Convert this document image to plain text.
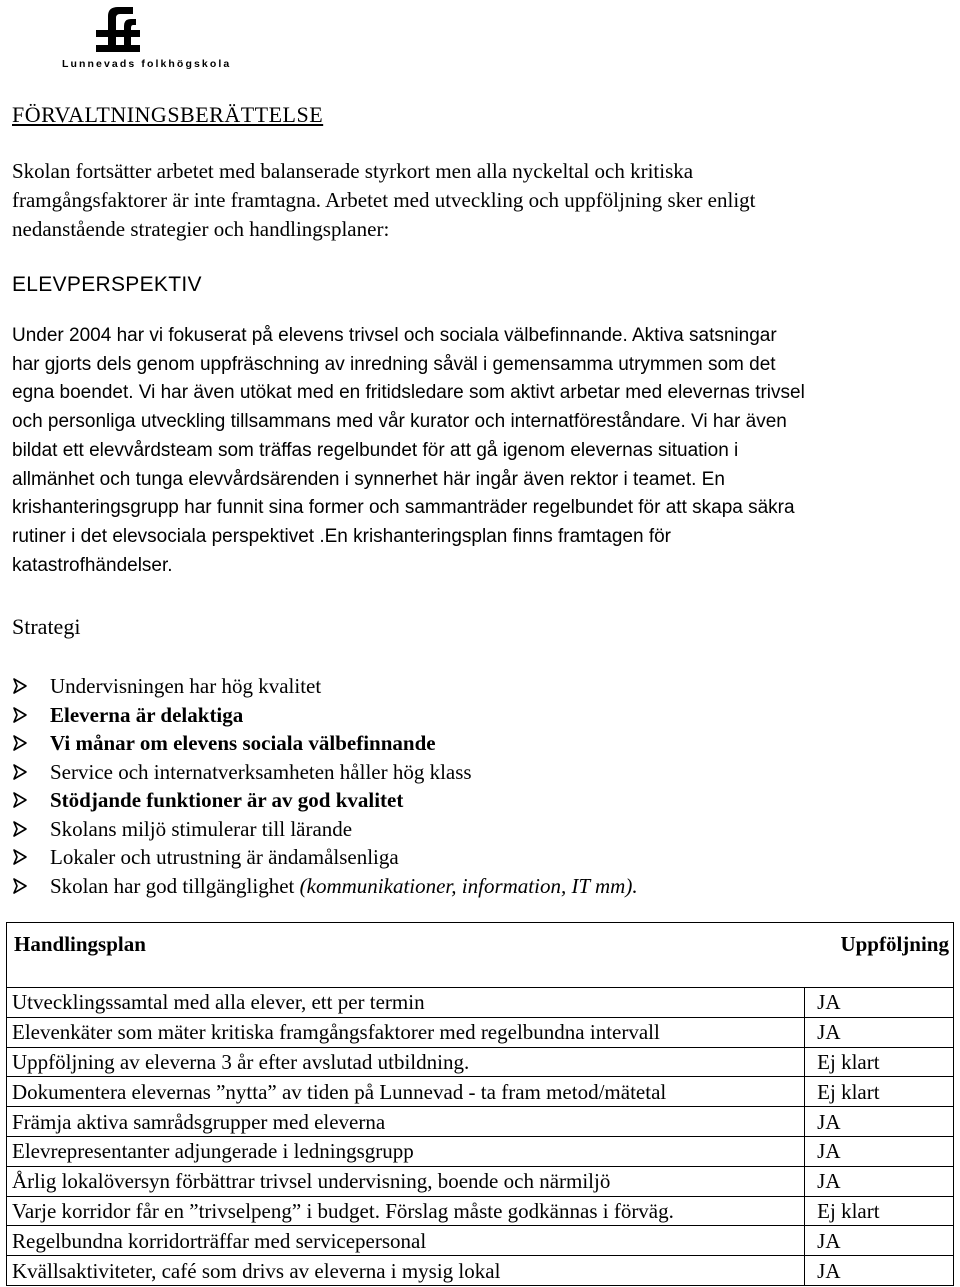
Lunnevads folkhögskola
FÖRVALTNINGSBERÄTTELSE
Skolan fortsätter arbetet med balanserade styrkort men alla nyckeltal och kritiska
framgångsfaktorer är inte framtagna. Arbetet med utveckling och uppföljning sker enligt
nedanstående strategier och handlingsplaner:
ELEVPERSPEKTIV
Under 2004 har vi fokuserat på elevens trivsel och sociala välbefinnande. Aktiva satsningar
har gjorts dels genom uppfräschning av inredning såväl i gemensamma utrymmen som det
egna boendet. Vi har även utökat med en fritidsledare som aktivt arbetar med elevernas trivsel
och personliga utveckling tillsammans med vår kurator och internatföreståndare. Vi har även
bildat ett elevvårdsteam som träffas regelbundet för att gå igenom elevernas situation i
allmänhet och tunga elevvårdsärenden i synnerhet här ingår även rektor i teamet. En
krishanteringsgrupp har funnit sina former och sammanträder regelbundet för att skapa säkra
rutiner i det elevsociala perspektivet .En krishanteringsplan finns framtagen för
katastrofhändelser.
Strategi
Undervisningen har hög kvalitet
Eleverna är delaktiga
Vi månar om elevens sociala välbefinnande
Service och internatverksamheten håller hög klass
Stödjande funktioner är av god kvalitet
Skolans miljö stimulerar till lärande
Lokaler och utrustning är ändamålsenliga
Skolan har god tillgänglighet (kommunikationer, information, IT mm).
Handlingsplan	Uppföljning
Utvecklingssamtal med alla elever, ett per termin	JA
Elevenkäter som mäter kritiska framgångsfaktorer med regelbundna intervall	JA
Uppföljning av eleverna 3 år efter avslutad utbildning.	Ej klart
Dokumentera elevernas ”nytta” av tiden på Lunnevad - ta fram metod/mätetal	Ej klart
Främja aktiva samrådsgrupper med eleverna	JA
Elevrepresentanter adjungerade i ledningsgrupp	JA
Årlig lokalöversyn förbättrar trivsel undervisning, boende och närmiljö	JA
Varje korridor får en ”trivselpeng” i budget. Förslag måste godkännas i förväg.	Ej klart
Regelbundna korridorträffar med servicepersonal	JA
Kvällsaktiviteter, café som drivs av eleverna i mysig lokal	JA
